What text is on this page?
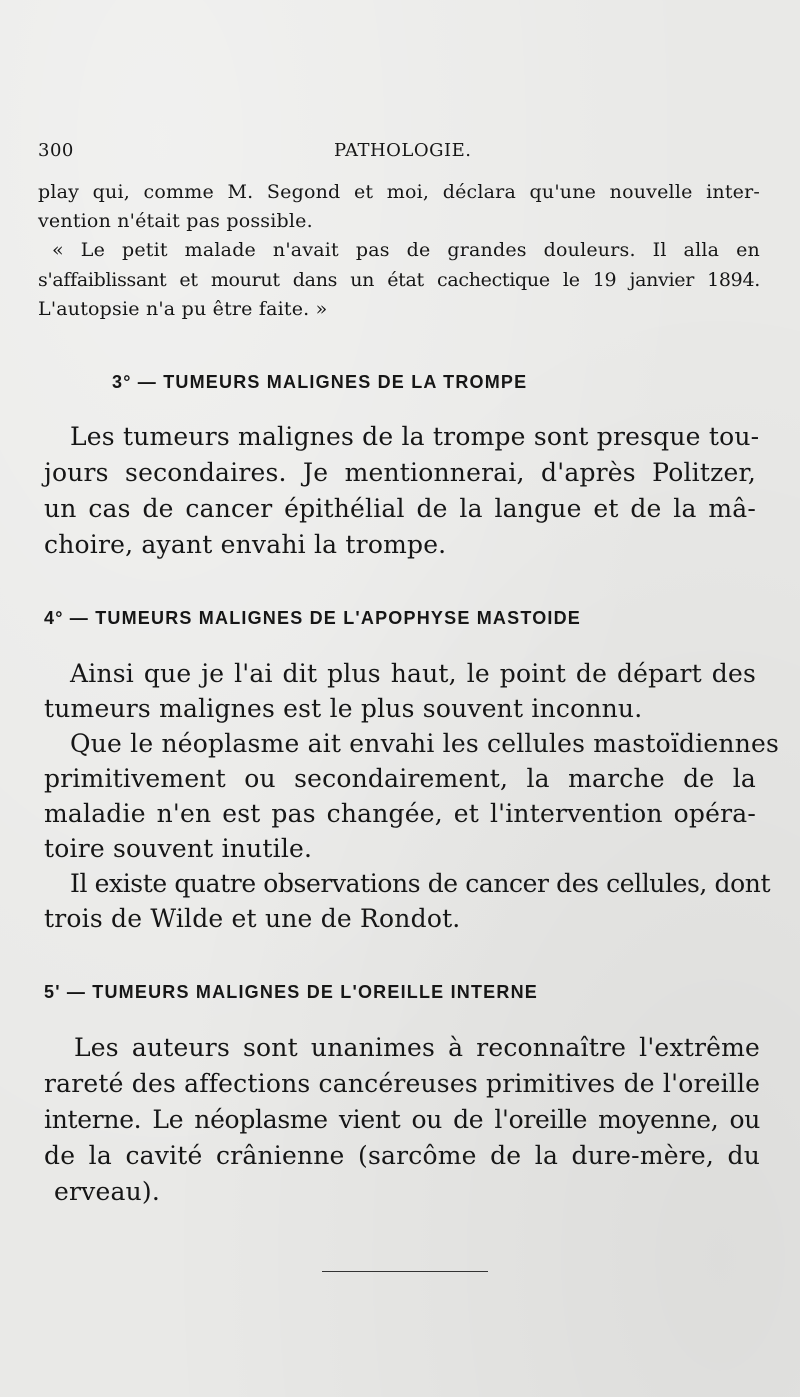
300	PATHOLOGIE.
play qui, comme M. Segond et moi, déclara qu'une nouvelle inter-
vention n'était pas possible.
« Le petit malade n'avait pas de grandes douleurs. Il alla en
s'affaiblissant et mourut dans un état cachectique le 19 janvier 1894.
L'autopsie n'a pu être faite. »
3° — TUMEURS MALIGNES DE LA TROMPE
Les tumeurs malignes de la trompe sont presque tou-
jours secondaires. Je mentionnerai, d'après Politzer,
un cas de cancer épithélial de la langue et de la mâ-
choire, ayant envahi la trompe.
4° — TUMEURS MALIGNES DE L'APOPHYSE MASTOIDE
Ainsi que je l'ai dit plus haut, le point de départ des
tumeurs malignes est le plus souvent inconnu.
Que le néoplasme ait envahi les cellules mastoïdiennes
primitivement ou secondairement, la marche de la
maladie n'en est pas changée, et l'intervention opéra-
toire souvent inutile.
Il existe quatre observations de cancer des cellules, dont
trois de Wilde et une de Rondot.
5' — TUMEURS MALIGNES DE L'OREILLE INTERNE
Les auteurs sont unanimes à reconnaître l'extrême
rareté des affections cancéreuses primitives de l'oreille
interne. Le néoplasme vient ou de l'oreille moyenne, ou
de la cavité crânienne (sarcôme de la dure-mère, du
erveau).
